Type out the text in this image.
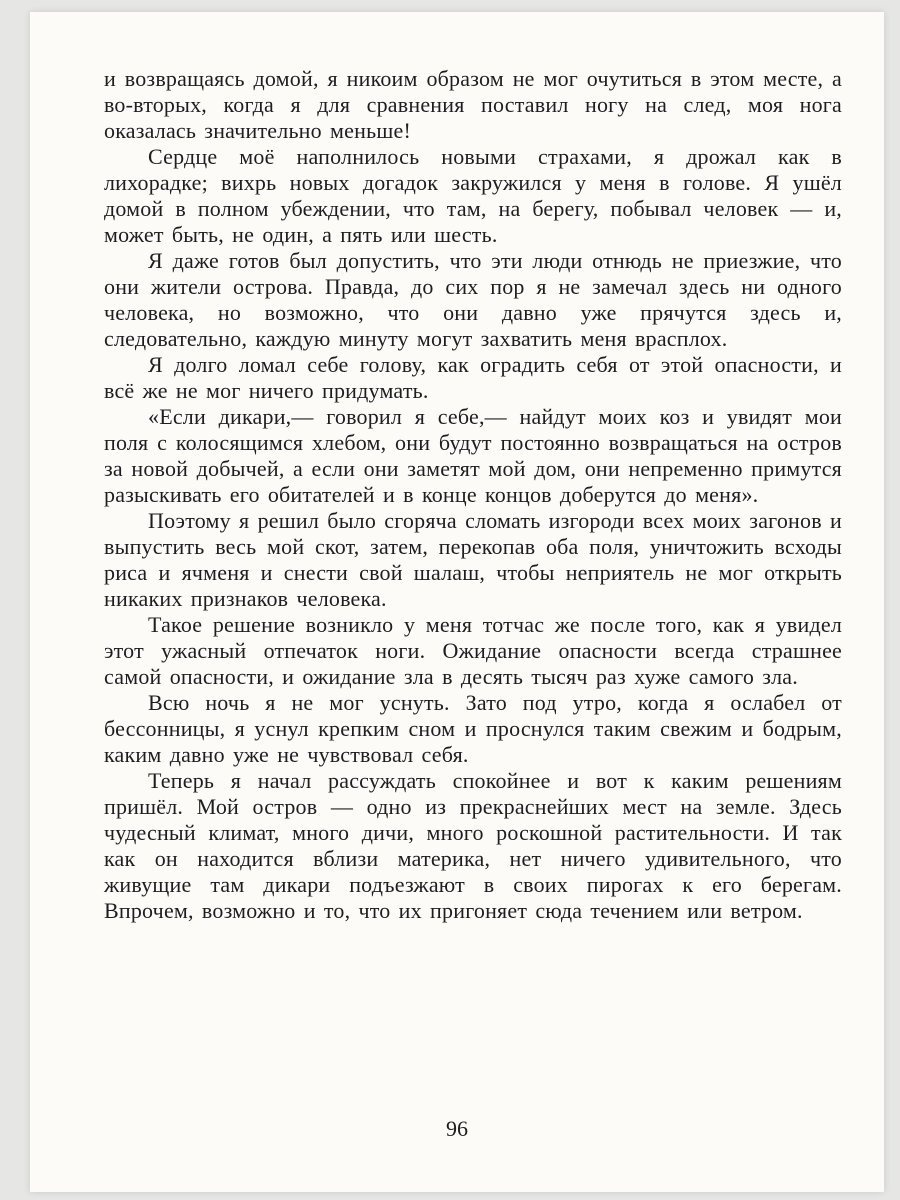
и возвращаясь домой, я никоим образом не мог очутиться в этом месте, а во-вторых, когда я для сравнения поставил ногу на след, моя нога оказалась значительно меньше!

Сердце моё наполнилось новыми страхами, я дрожал как в лихорадке; вихрь новых догадок закружился у меня в голове. Я ушёл домой в полном убеждении, что там, на берегу, побывал человек — и, может быть, не один, а пять или шесть.

Я даже готов был допустить, что эти люди отнюдь не приезжие, что они жители острова. Правда, до сих пор я не замечал здесь ни одного человека, но возможно, что они давно уже прячутся здесь и, следовательно, каждую минуту могут захватить меня врасплох.

Я долго ломал себе голову, как оградить себя от этой опасности, и всё же не мог ничего придумать.

«Если дикари,— говорил я себе,— найдут моих коз и увидят мои поля с колосящимся хлебом, они будут постоянно возвращаться на остров за новой добычей, а если они заметят мой дом, они непременно примутся разыскивать его обитателей и в конце концов доберутся до меня».

Поэтому я решил было сгоряча сломать изгороди всех моих загонов и выпустить весь мой скот, затем, перекопав оба поля, уничтожить всходы риса и ячменя и снести свой шалаш, чтобы неприятель не мог открыть никаких признаков человека.

Такое решение возникло у меня тотчас же после того, как я увидел этот ужасный отпечаток ноги. Ожидание опасности всегда страшнее самой опасности, и ожидание зла в десять тысяч раз хуже самого зла.

Всю ночь я не мог уснуть. Зато под утро, когда я ослабел от бессонницы, я уснул крепким сном и проснулся таким свежим и бодрым, каким давно уже не чувствовал себя.

Теперь я начал рассуждать спокойнее и вот к каким решениям пришёл. Мой остров — одно из прекраснейших мест на земле. Здесь чудесный климат, много дичи, много роскошной растительности. И так как он находится вблизи материка, нет ничего удивительного, что живущие там дикари подъезжают в своих пирогах к его берегам. Впрочем, возможно и то, что их пригоняет сюда течением или ветром.

96
